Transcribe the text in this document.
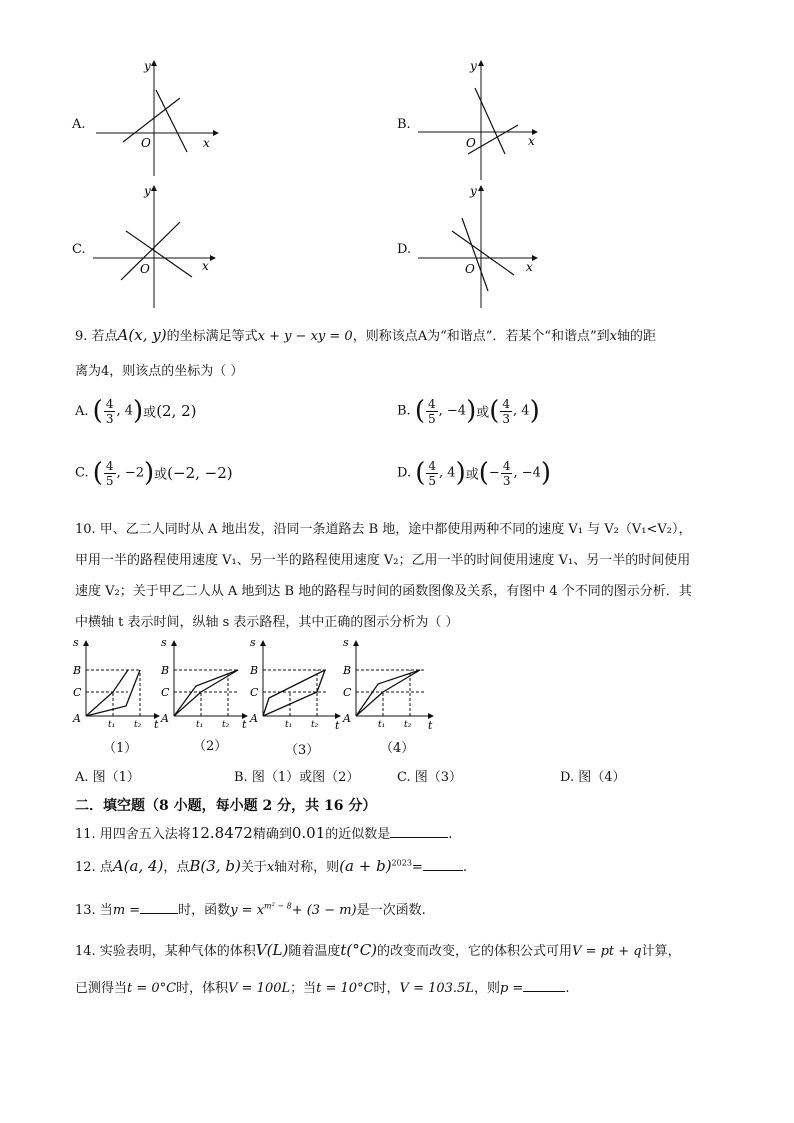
A.
y
x
O
B.
y
x
O
C.
y
x
O
D.
y
x
O
9. 若点A(x, y)的坐标满足等式x + y − xy = 0，则称该点A为“和谐点”．若某个“和谐点”到x轴的距
离为4，则该点的坐标为（ ）
A. ( $\frac{4}{3}$ , 4)或(2, 2)	B. ( $\frac{4}{5}$ , −4)或( $\frac{4}{3}$ , 4)
C. ( $\frac{4}{5}$ , −2)或(−2, −2)	D. ( $\frac{4}{5}$ , 4)或(− $\frac{4}{3}$ , −4)
10. 甲、乙二人同时从 A 地出发，沿同一条道路去 B 地，途中都使用两种不同的速度 V₁ 与 V₂（V₁<V₂），
甲用一半的路程使用速度 V₁、另一半的路程使用速度 V₂；乙用一半的时间使用速度 V₁、另一半的时间使用
速度 V₂；关于甲乙二人从 A 地到达 B 地的路程与时间的函数图像及关系，有图中 4 个不同的图示分析．其
中横轴 t 表示时间，纵轴 s 表示路程，其中正确的图示分析为（ ）
s
B
C
A	t₁ t₂ t
（1）
s
B
C
A	t₁ t₂ t
（2）
s
B
C
A	t₁ t₂ t
（3）
s
B
C
A	t₁ t₂ t
（4）
A. 图（1）	B. 图（1）或图（2）	C. 图（3）	D. 图（4）
二．填空题（8 小题，每小题 2 分，共 16 分）
11. 用四舍五入法将12.8472精确到0.01的近似数是	.
12. 点A(a, 4)，点B(3, b)关于x轴对称，则$(a + b)^{2023}=$	.
13. 当m =	时，函数$y = x^{m^2 - 8}+ (3 - m)$是一次函数.
14. 实验表明，某种气体的体积V(L)随着温度t(°C)的改变而改变，它的体积公式可用V = pt + q计算，
已测得当t = 0°C时，体积V = 100L；当t = 10°C时，V = 103.5L，则p =	.
